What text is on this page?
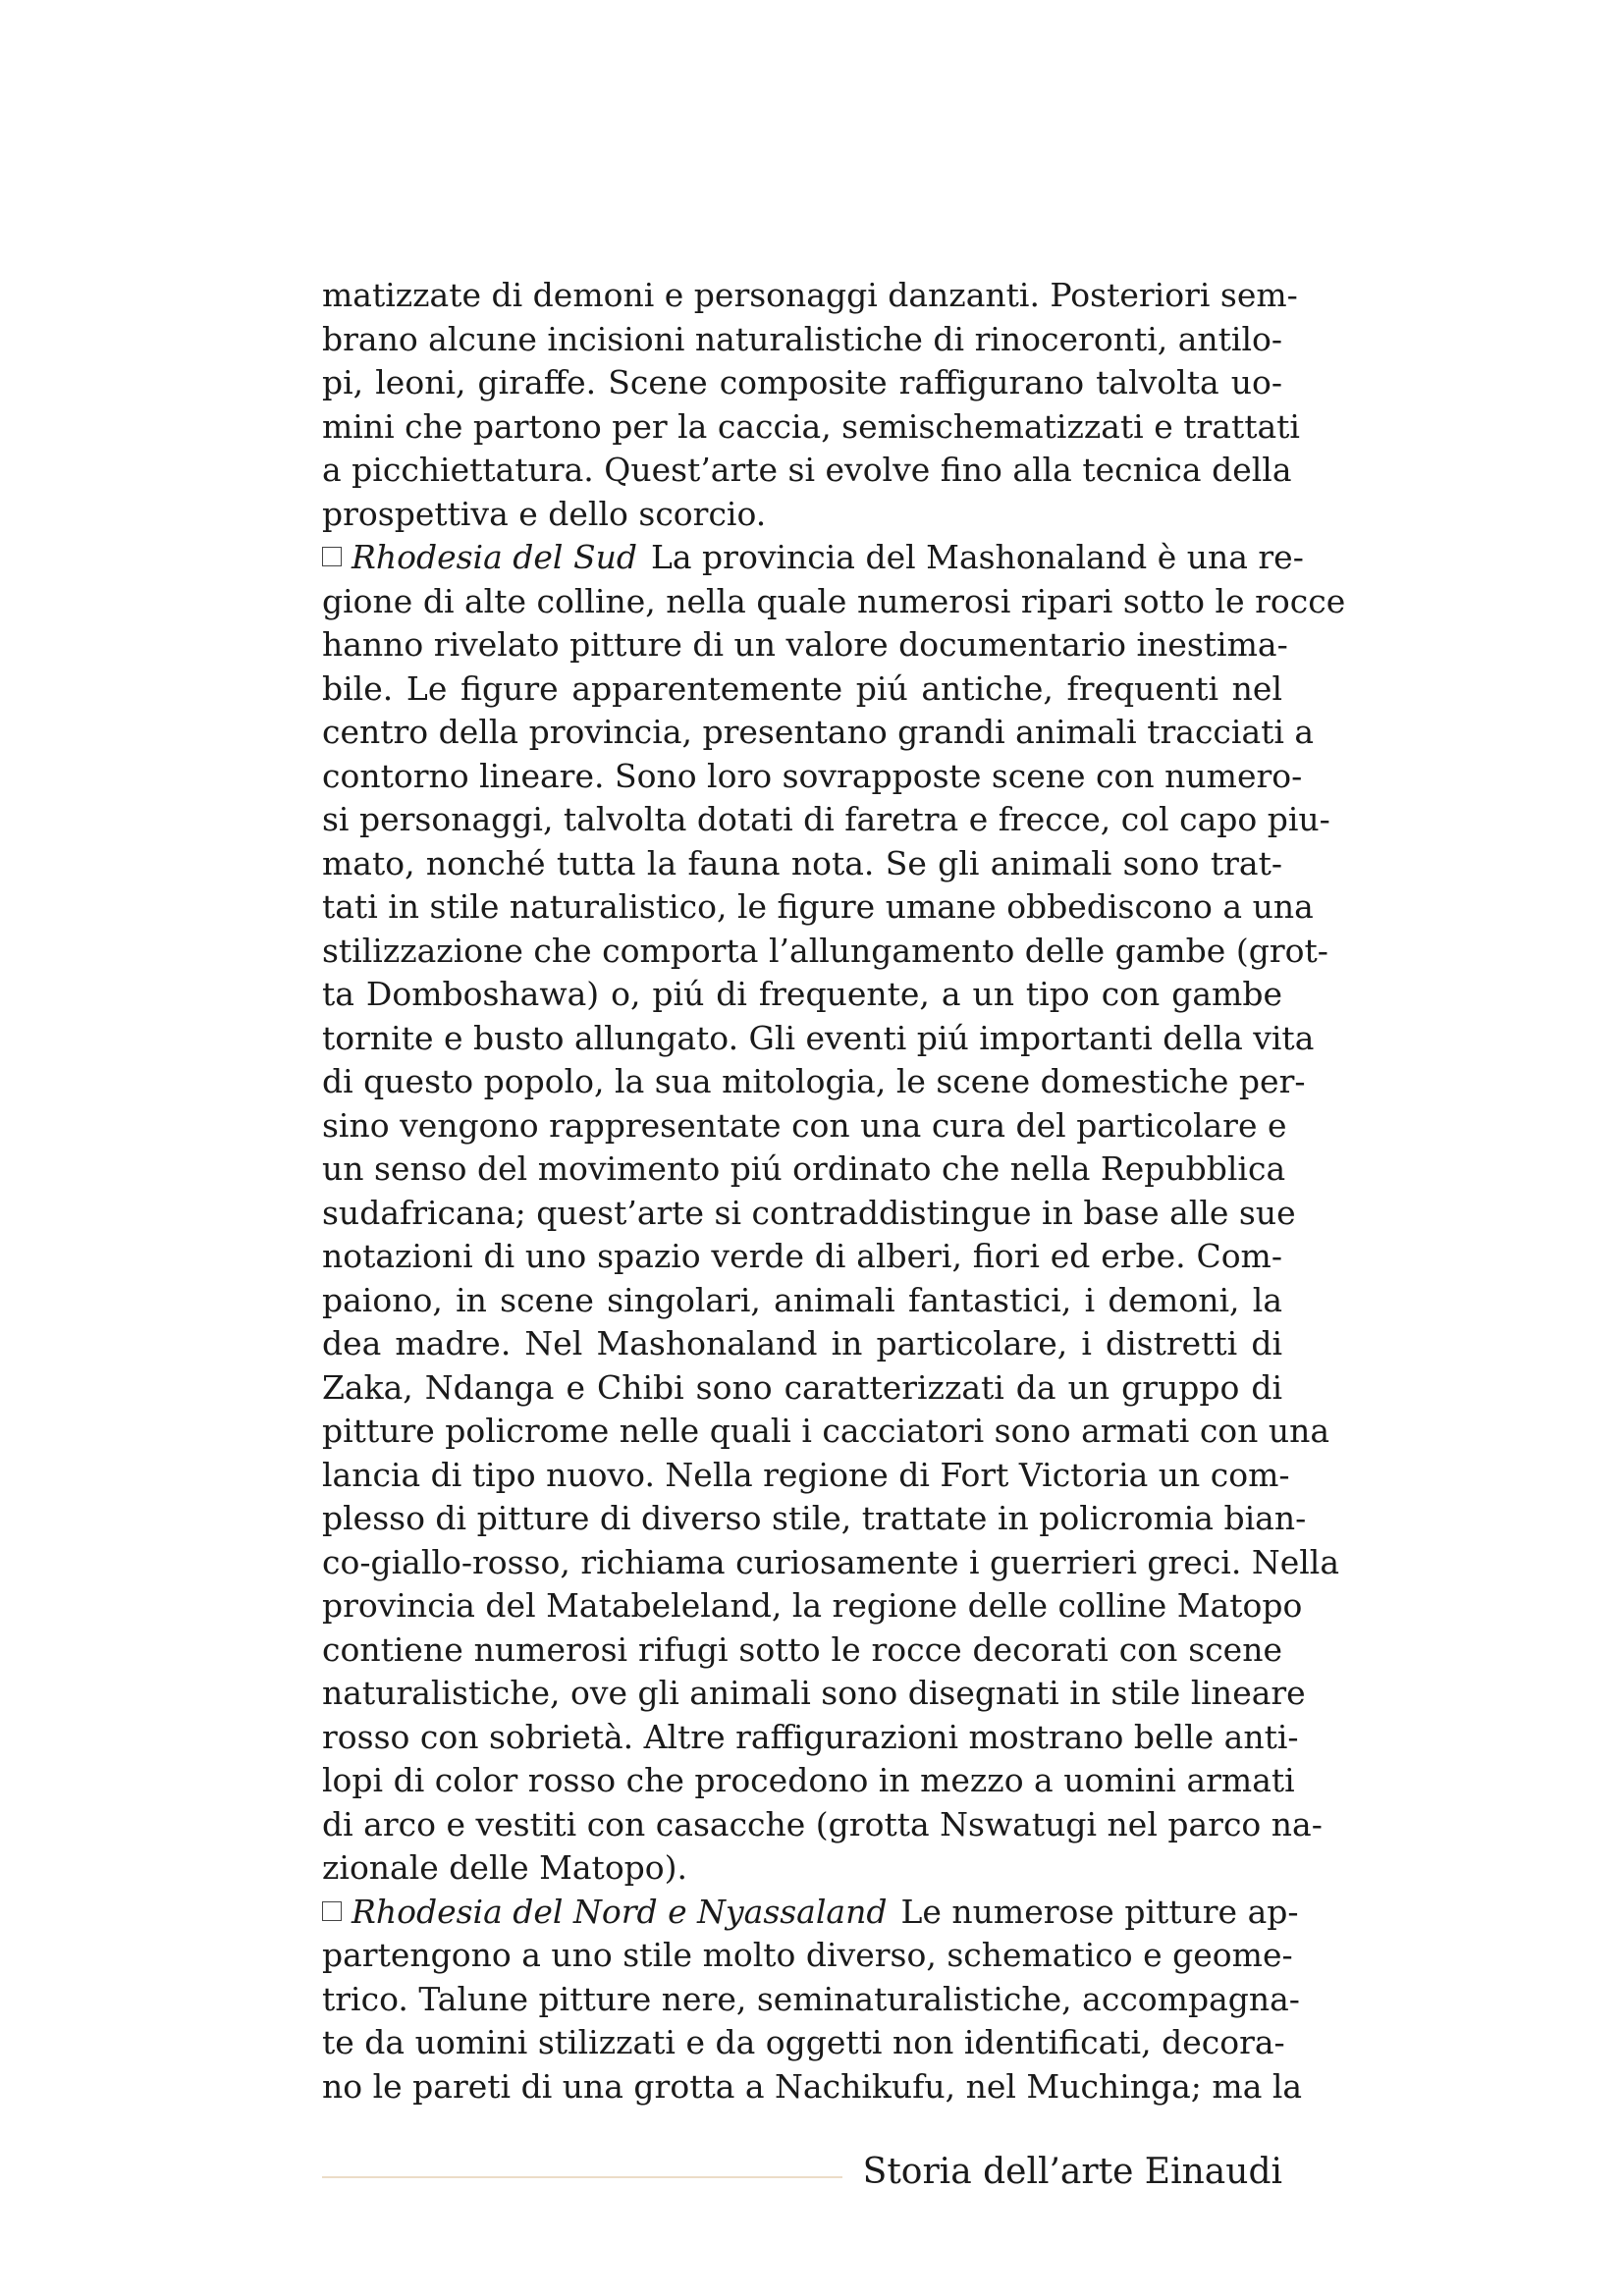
matizzate di demoni e personaggi danzanti. Posteriori sem-
brano alcune incisioni naturalistiche di rinoceronti, antilo-
pi, leoni, giraffe. Scene composite raffigurano talvolta uo-
mini che partono per la caccia, semischematizzati e trattati
a picchiettatura. Quest’arte si evolve fino alla tecnica della
prospettiva e dello scorcio.
Rhodesia del Sud La provincia del Mashonaland è una re-
gione di alte colline, nella quale numerosi ripari sotto le rocce
hanno rivelato pitture di un valore documentario inestima-
bile. Le figure apparentemente piú antiche, frequenti nel
centro della provincia, presentano grandi animali tracciati a
contorno lineare. Sono loro sovrapposte scene con numero-
si personaggi, talvolta dotati di faretra e frecce, col capo piu-
mato, nonché tutta la fauna nota. Se gli animali sono trat-
tati in stile naturalistico, le figure umane obbediscono a una
stilizzazione che comporta l’allungamento delle gambe (grot-
ta Domboshawa) o, piú di frequente, a un tipo con gambe
tornite e busto allungato. Gli eventi piú importanti della vita
di questo popolo, la sua mitologia, le scene domestiche per-
sino vengono rappresentate con una cura del particolare e
un senso del movimento piú ordinato che nella Repubblica
sudafricana; quest’arte si contraddistingue in base alle sue
notazioni di uno spazio verde di alberi, fiori ed erbe. Com-
paiono, in scene singolari, animali fantastici, i demoni, la
dea madre. Nel Mashonaland in particolare, i distretti di
Zaka, Ndanga e Chibi sono caratterizzati da un gruppo di
pitture policrome nelle quali i cacciatori sono armati con una
lancia di tipo nuovo. Nella regione di Fort Victoria un com-
plesso di pitture di diverso stile, trattate in policromia bian-
co-giallo-rosso, richiama curiosamente i guerrieri greci. Nella
provincia del Matabeleland, la regione delle colline Matopo
contiene numerosi rifugi sotto le rocce decorati con scene
naturalistiche, ove gli animali sono disegnati in stile lineare
rosso con sobrietà. Altre raffigurazioni mostrano belle anti-
lopi di color rosso che procedono in mezzo a uomini armati
di arco e vestiti con casacche (grotta Nswatugi nel parco na-
zionale delle Matopo).
Rhodesia del Nord e Nyassaland Le numerose pitture ap-
partengono a uno stile molto diverso, schematico e geome-
trico. Talune pitture nere, seminaturalistiche, accompagna-
te da uomini stilizzati e da oggetti non identificati, decora-
no le pareti di una grotta a Nachikufu, nel Muchinga; ma la
Storia dell’arte Einaudi
